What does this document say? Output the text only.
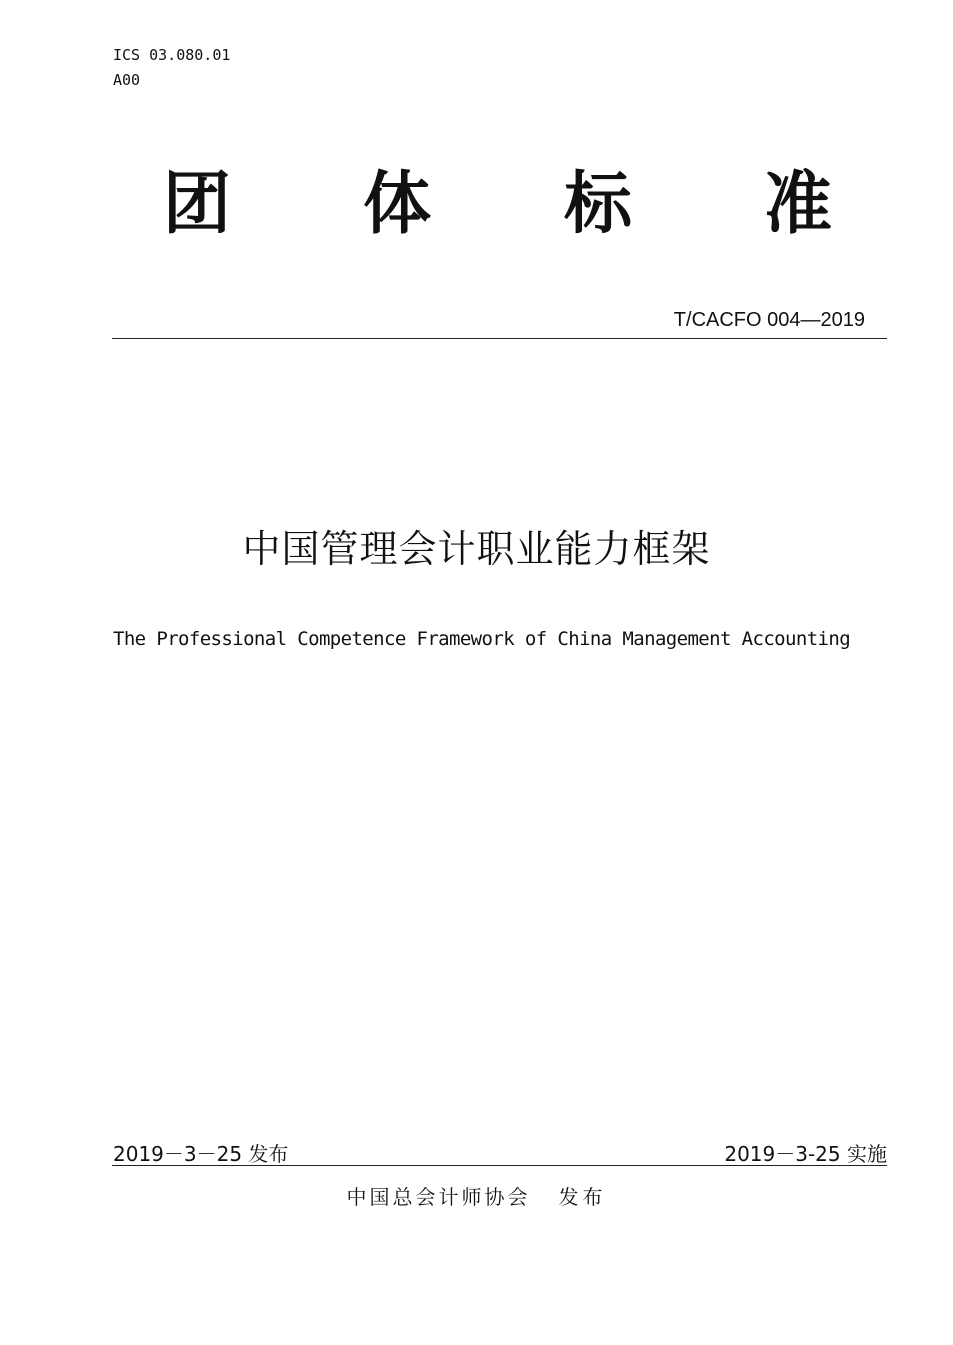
ICS 03.080.01
A00
团 体 标 准
T/CACFO 004—2019
中国管理会计职业能力框架
The Professional Competence Framework of China Management Accounting
2019－3－25 发布	2019－3-25 实施
中国总会计师协会 发布
